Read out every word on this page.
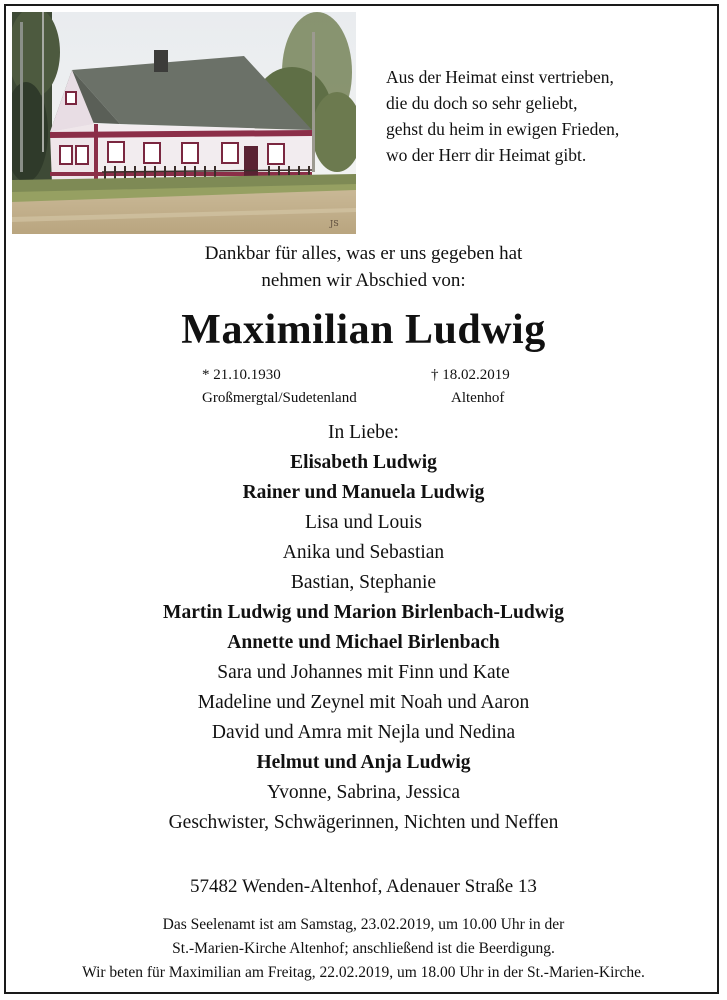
JS
Aus der Heimat einst vertrieben,
die du doch so sehr geliebt,
gehst du heim in ewigen Frieden,
wo der Herr dir Heimat gibt.
Dankbar für alles, was er uns gegeben hat
nehmen wir Abschied von:
Maximilian Ludwig
* 21.10.1930
Großmergtal/Sudetenland
† 18.02.2019
Altenhof
In Liebe:
Elisabeth Ludwig
Rainer und Manuela Ludwig
Lisa und Louis
Anika und Sebastian
Bastian, Stephanie
Martin Ludwig und Marion Birlenbach-Ludwig
Annette und Michael Birlenbach
Sara und Johannes mit Finn und Kate
Madeline und Zeynel mit Noah und Aaron
David und Amra mit Nejla und Nedina
Helmut und Anja Ludwig
Yvonne, Sabrina, Jessica
Geschwister, Schwägerinnen, Nichten und Neffen
57482 Wenden-Altenhof, Adenauer Straße 13
Das Seelenamt ist am Samstag, 23.02.2019, um 10.00 Uhr in der
St.-Marien-Kirche Altenhof; anschließend ist die Beerdigung.
Wir beten für Maximilian am Freitag, 22.02.2019, um 18.00 Uhr in der St.-Marien-Kirche.
